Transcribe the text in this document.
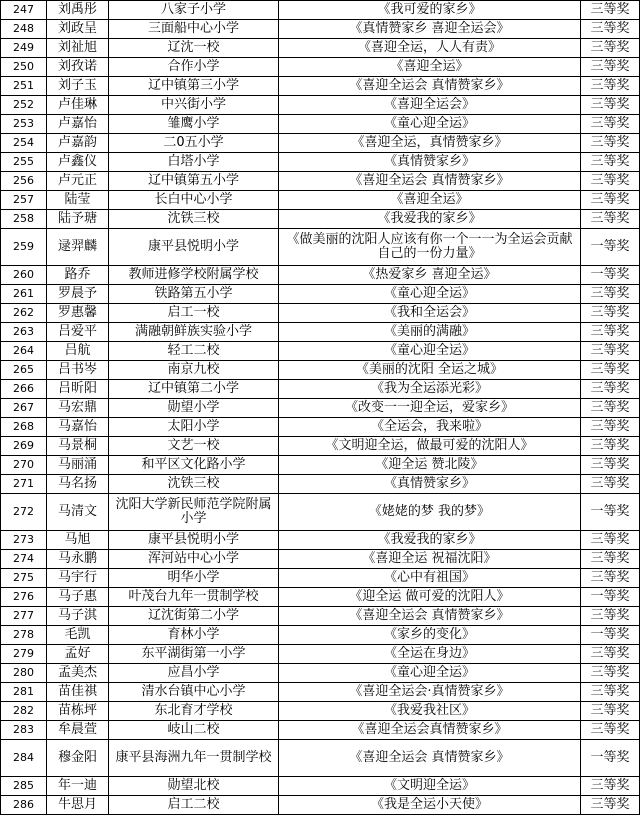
247	刘禹彤	八家子小学	《我可爱的家乡》	三等奖
248	刘政呈	三面船中心小学	《真情赞家乡 喜迎全运会》	三等奖
249	刘祉旭	辽沈一校	《喜迎全运，人人有责》	三等奖
250	刘孜诺	合作小学	《喜迎全运》	三等奖
251	刘子玉	辽中镇第三小学	《喜迎全运会 真情赞家乡》	三等奖
252	卢佳琳	中兴街小学	《喜迎全运会》	三等奖
253	卢嘉怡	雏鹰小学	《童心迎全运》	三等奖
254	卢嘉韵	二0五小学	《喜迎全运，真情赞家乡》	三等奖
255	卢鑫仪	白塔小学	《真情赞家乡》	三等奖
256	卢元正	辽中镇第五小学	《喜迎全运会 真情赞家乡》	三等奖
257	陆莹	长白中心小学	《喜迎全运》	三等奖
258	陆予瑭	沈铁三校	《我爱我的家乡》	三等奖
259	逯羿麟	康平县悦明小学	《做美丽的沈阳人应该有你一个一一为全运会贡献自己的一份力量》	一等奖
260	路乔	教师进修学校附属学校	《热爱家乡 喜迎全运》	一等奖
261	罗晨予	铁路第五小学	《童心迎全运》	三等奖
262	罗惠馨	启工一校	《我和全运会》	三等奖
263	吕爱平	满融朝鲜族实验小学	《美丽的满融》	三等奖
264	吕航	轻工二校	《童心迎全运》	三等奖
265	吕书岑	南京九校	《美丽的沈阳 全运之城》	三等奖
266	吕昕阳	辽中镇第二小学	《我为全运添光彩》	三等奖
267	马宏鼎	勋望小学	《改变一一迎全运，爱家乡》	三等奖
268	马嘉怡	太阳小学	《全运会，我来啦》	三等奖
269	马景桐	文艺一校	《文明迎全运，做最可爱的沈阳人》	三等奖
270	马丽涌	和平区文化路小学	《迎全运 赞北陵》	三等奖
271	马名扬	沈铁三校	《真情赞家乡》	三等奖
272	马清文	沈阳大学新民师范学院附属小学	《姥姥的梦 我的梦》	一等奖
273	马旭	康平县悦明小学	《我爱我的家乡》	三等奖
274	马永鹏	浑河站中心小学	《喜迎全运 祝福沈阳》	三等奖
275	马宇行	明华小学	《心中有祖国》	三等奖
276	马子惠	叶茂台九年一贯制学校	《迎全运 做可爱的沈阳人》	一等奖
277	马子淇	辽沈街第二小学	《喜迎全运会 真情赞家乡》	三等奖
278	毛凯	育林小学	《家乡的变化》	一等奖
279	孟好	东平湖街第一小学	《全运在身边》	三等奖
280	孟美杰	应昌小学	《童心迎全运》	三等奖
281	苗佳祺	清水台镇中心小学	《喜迎全运会·真情赞家乡》	三等奖
282	苗栋坪	东北育才学校	《我爱我社区》	三等奖
283	牟晨萱	岐山二校	《喜迎全运会真情赞家乡》	三等奖
284	穆金阳	康平县海洲九年一贯制学校	《喜迎全运会 真情赞家乡》	一等奖
285	年一迪	勋望北校	《文明迎全运》	三等奖
286	牛思月	启工二校	《我是全运小天使》	三等奖
